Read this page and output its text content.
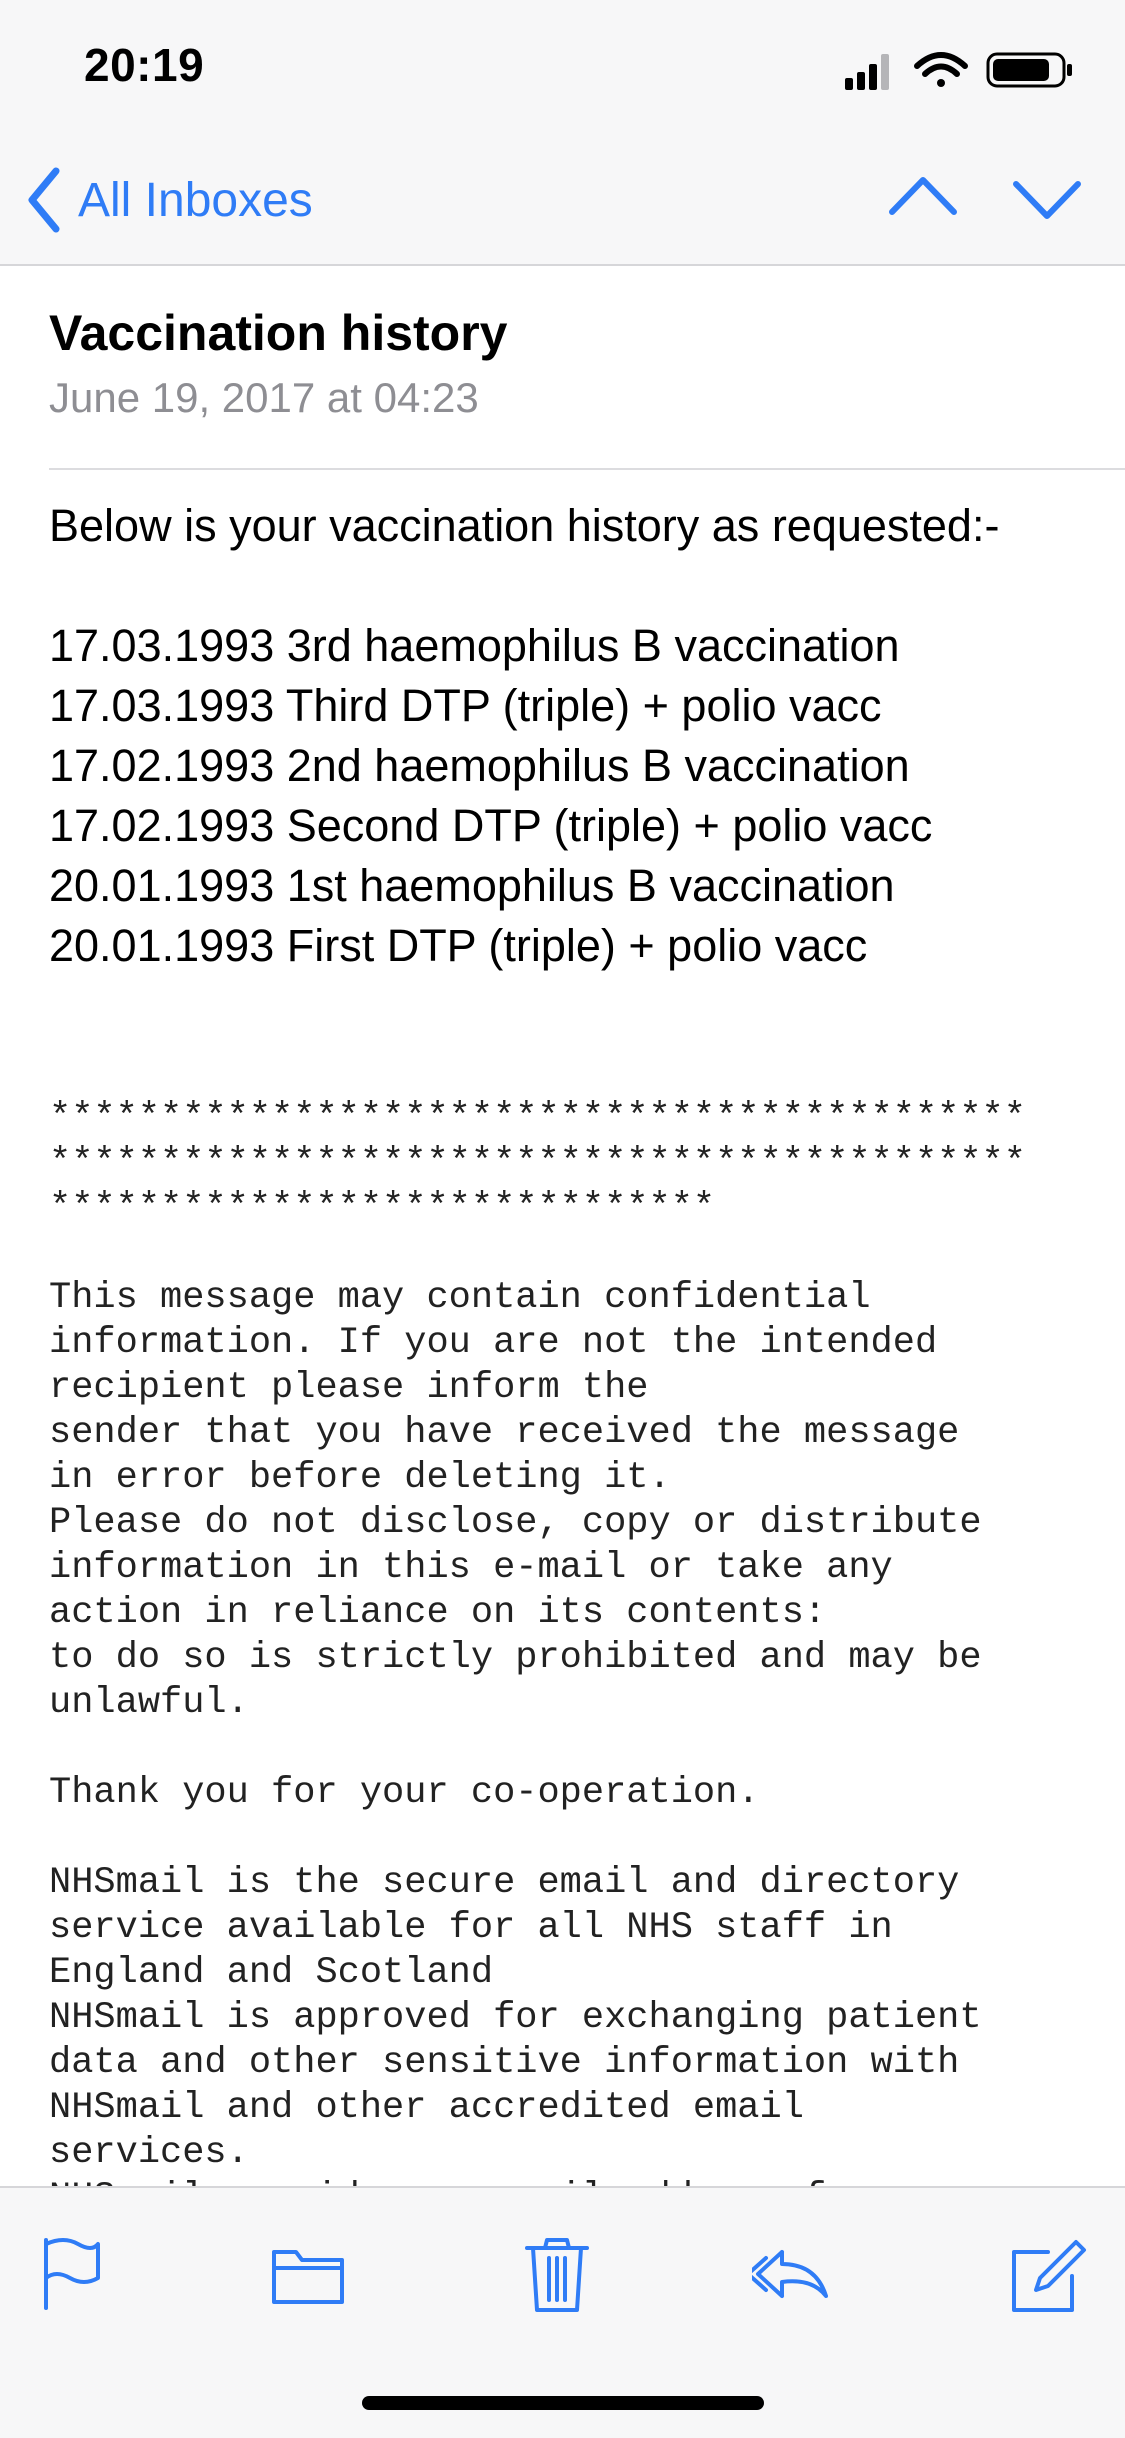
20:19
All Inboxes
Vaccination history
June 19, 2017 at 04:23

Below is your vaccination history as requested:-

17.03.1993 3rd haemophilus B vaccination
17.03.1993 Third DTP (triple) + polio vacc
17.02.1993 2nd haemophilus B vaccination
17.02.1993 Second DTP (triple) + polio vacc
20.01.1993 1st haemophilus B vaccination
20.01.1993 First DTP (triple) + polio vacc
********************************************
********************************************
******************************
This message may contain confidential
information. If you are not the intended
recipient please inform the
sender that you have received the message
in error before deleting it.
Please do not disclose, copy or distribute
information in this e-mail or take any
action in reliance on its contents:
to do so is strictly prohibited and may be
unlawful.
Thank you for your co-operation.
NHSmail is the secure email and directory
service available for all NHS staff in
England and Scotland
NHSmail is approved for exchanging patient
data and other sensitive information with
NHSmail and other accredited email
services.
